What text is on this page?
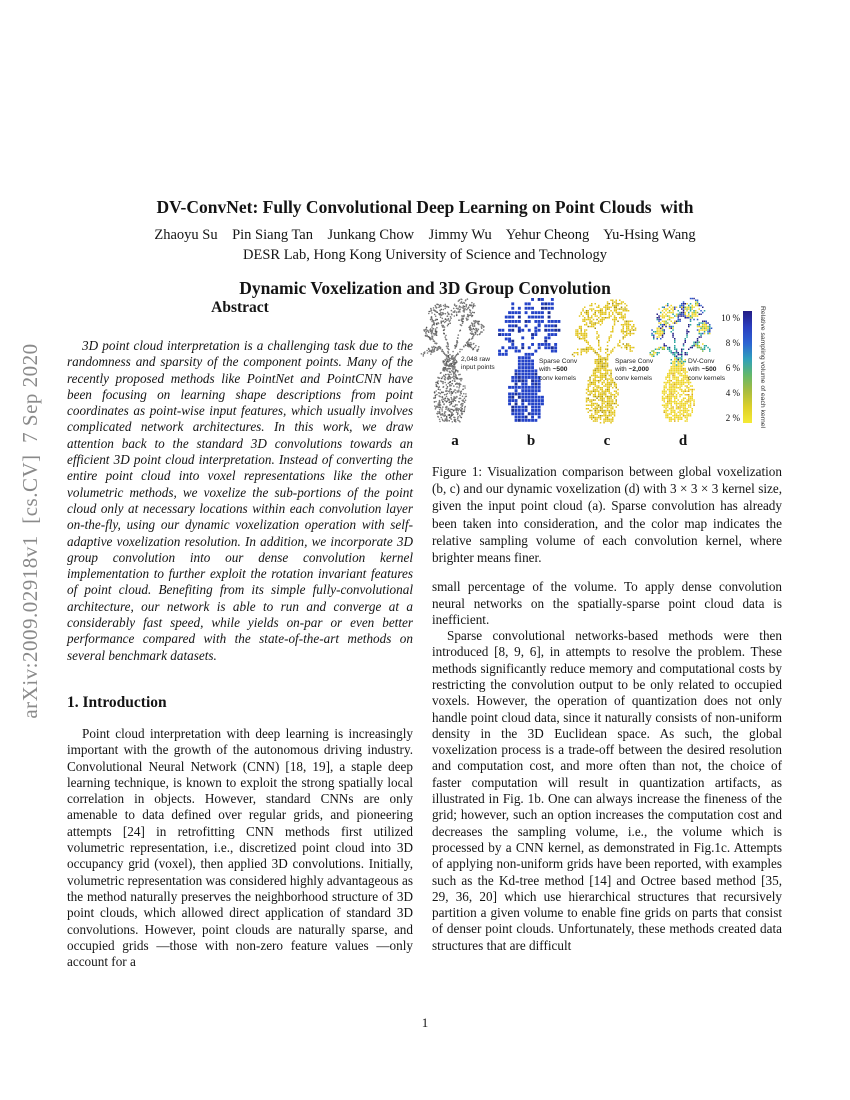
arXiv:2009.02918v1  [cs.CV]  7 Sep 2020

DV-ConvNet: Fully Convolutional Deep Learning on Point Clouds  with

Dynamic Voxelization and 3D Group Convolution

Zhaoyu Su    Pin Siang Tan    Junkang Chow    Jimmy Wu    Yehur Cheong    Yu-Hsing Wang
DESR Lab, Hong Kong University of Science and Technology
Abstract

3D point cloud interpretation is a challenging task due to the randomness and sparsity of the component points. Many of the recently proposed methods like PointNet and PointCNN have been focusing on learning shape descriptions from point coordinates as point-wise input features, which usually involves complicated network architectures. In this work, we draw attention back to the standard 3D convolutions towards an efficient 3D point cloud interpretation. Instead of converting the entire point cloud into voxel representations like the other volumetric methods, we voxelize the sub-portions of the point cloud only at necessary locations within each convolution layer on-the-fly, using our dynamic voxelization operation with self-adaptive voxelization resolution. In addition, we incorporate 3D group convolution into our dense convolution kernel implementation to further exploit the rotation invariant features of point cloud. Benefiting from its simple fully-convolutional architecture, our network is able to run and converge at a considerably fast speed, while yields on-par or even better performance compared with the state-of-the-art methods on several benchmark datasets.

1. Introduction

Point cloud interpretation with deep learning is increasingly important with the growth of the autonomous driving industry. Convolutional Neural Network (CNN) [18, 19], a staple deep learning technique, is known to exploit the strong spatially local correlation in objects. However, standard CNNs are only amenable to data defined over regular grids, and pioneering attempts [24] in retrofitting CNN methods first utilized volumetric representation, i.e., discretized point cloud into 3D occupancy grid (voxel), then applied 3D convolutions. Initially, volumetric representation was considered highly advantageous as the method naturally preserves the neighborhood structure of 3D point clouds, which allowed direct application of standard 3D convolutions. However, point clouds are naturally sparse, and occupied grids —those with non-zero feature values —only account for a

2,048 raw
input points

Sparse Conv
with ~500
conv kernels
Sparse Conv
with ~2,000
conv kernels
DV-Conv
with ~500
conv kernels
a	b	c	d
10 %
8 %
6 %
4 %
2 %	Relative sampling volume of each kernel

Figure 1: Visualization comparison between global voxelization (b, c) and our dynamic voxelization (d) with 3 × 3 × 3 kernel size, given the input point cloud (a). Sparse convolution has already been taken into consideration, and the color map indicates the relative sampling volume of each convolution kernel, where brighter means finer.

small percentage of the volume. To apply dense convolution neural networks on the spatially-sparse point cloud data is inefficient.

Sparse convolutional networks-based methods were then introduced [8, 9, 6], in attempts to resolve the problem. These methods significantly reduce memory and computational costs by restricting the convolution output to be only related to occupied voxels. However, the operation of quantization does not only handle point cloud data, since it naturally consists of non-uniform density in the 3D Euclidean space. As such, the global voxelization process is a trade-off between the desired resolution and computation cost, and more often than not, the choice of faster computation will result in quantization artifacts, as illustrated in Fig. 1b. One can always increase the fineness of the grid; however, such an option increases the computation cost and decreases the sampling volume, i.e., the volume which is processed by a CNN kernel, as demonstrated in Fig.1c. Attempts of applying non-uniform grids have been reported, with examples such as the Kd-tree method [14] and Octree based method [35, 29, 36, 20] which use hierarchical structures that recursively partition a given volume to enable fine grids on parts that consist of denser point clouds. Unfortunately, these methods created data structures that are difficult

1
